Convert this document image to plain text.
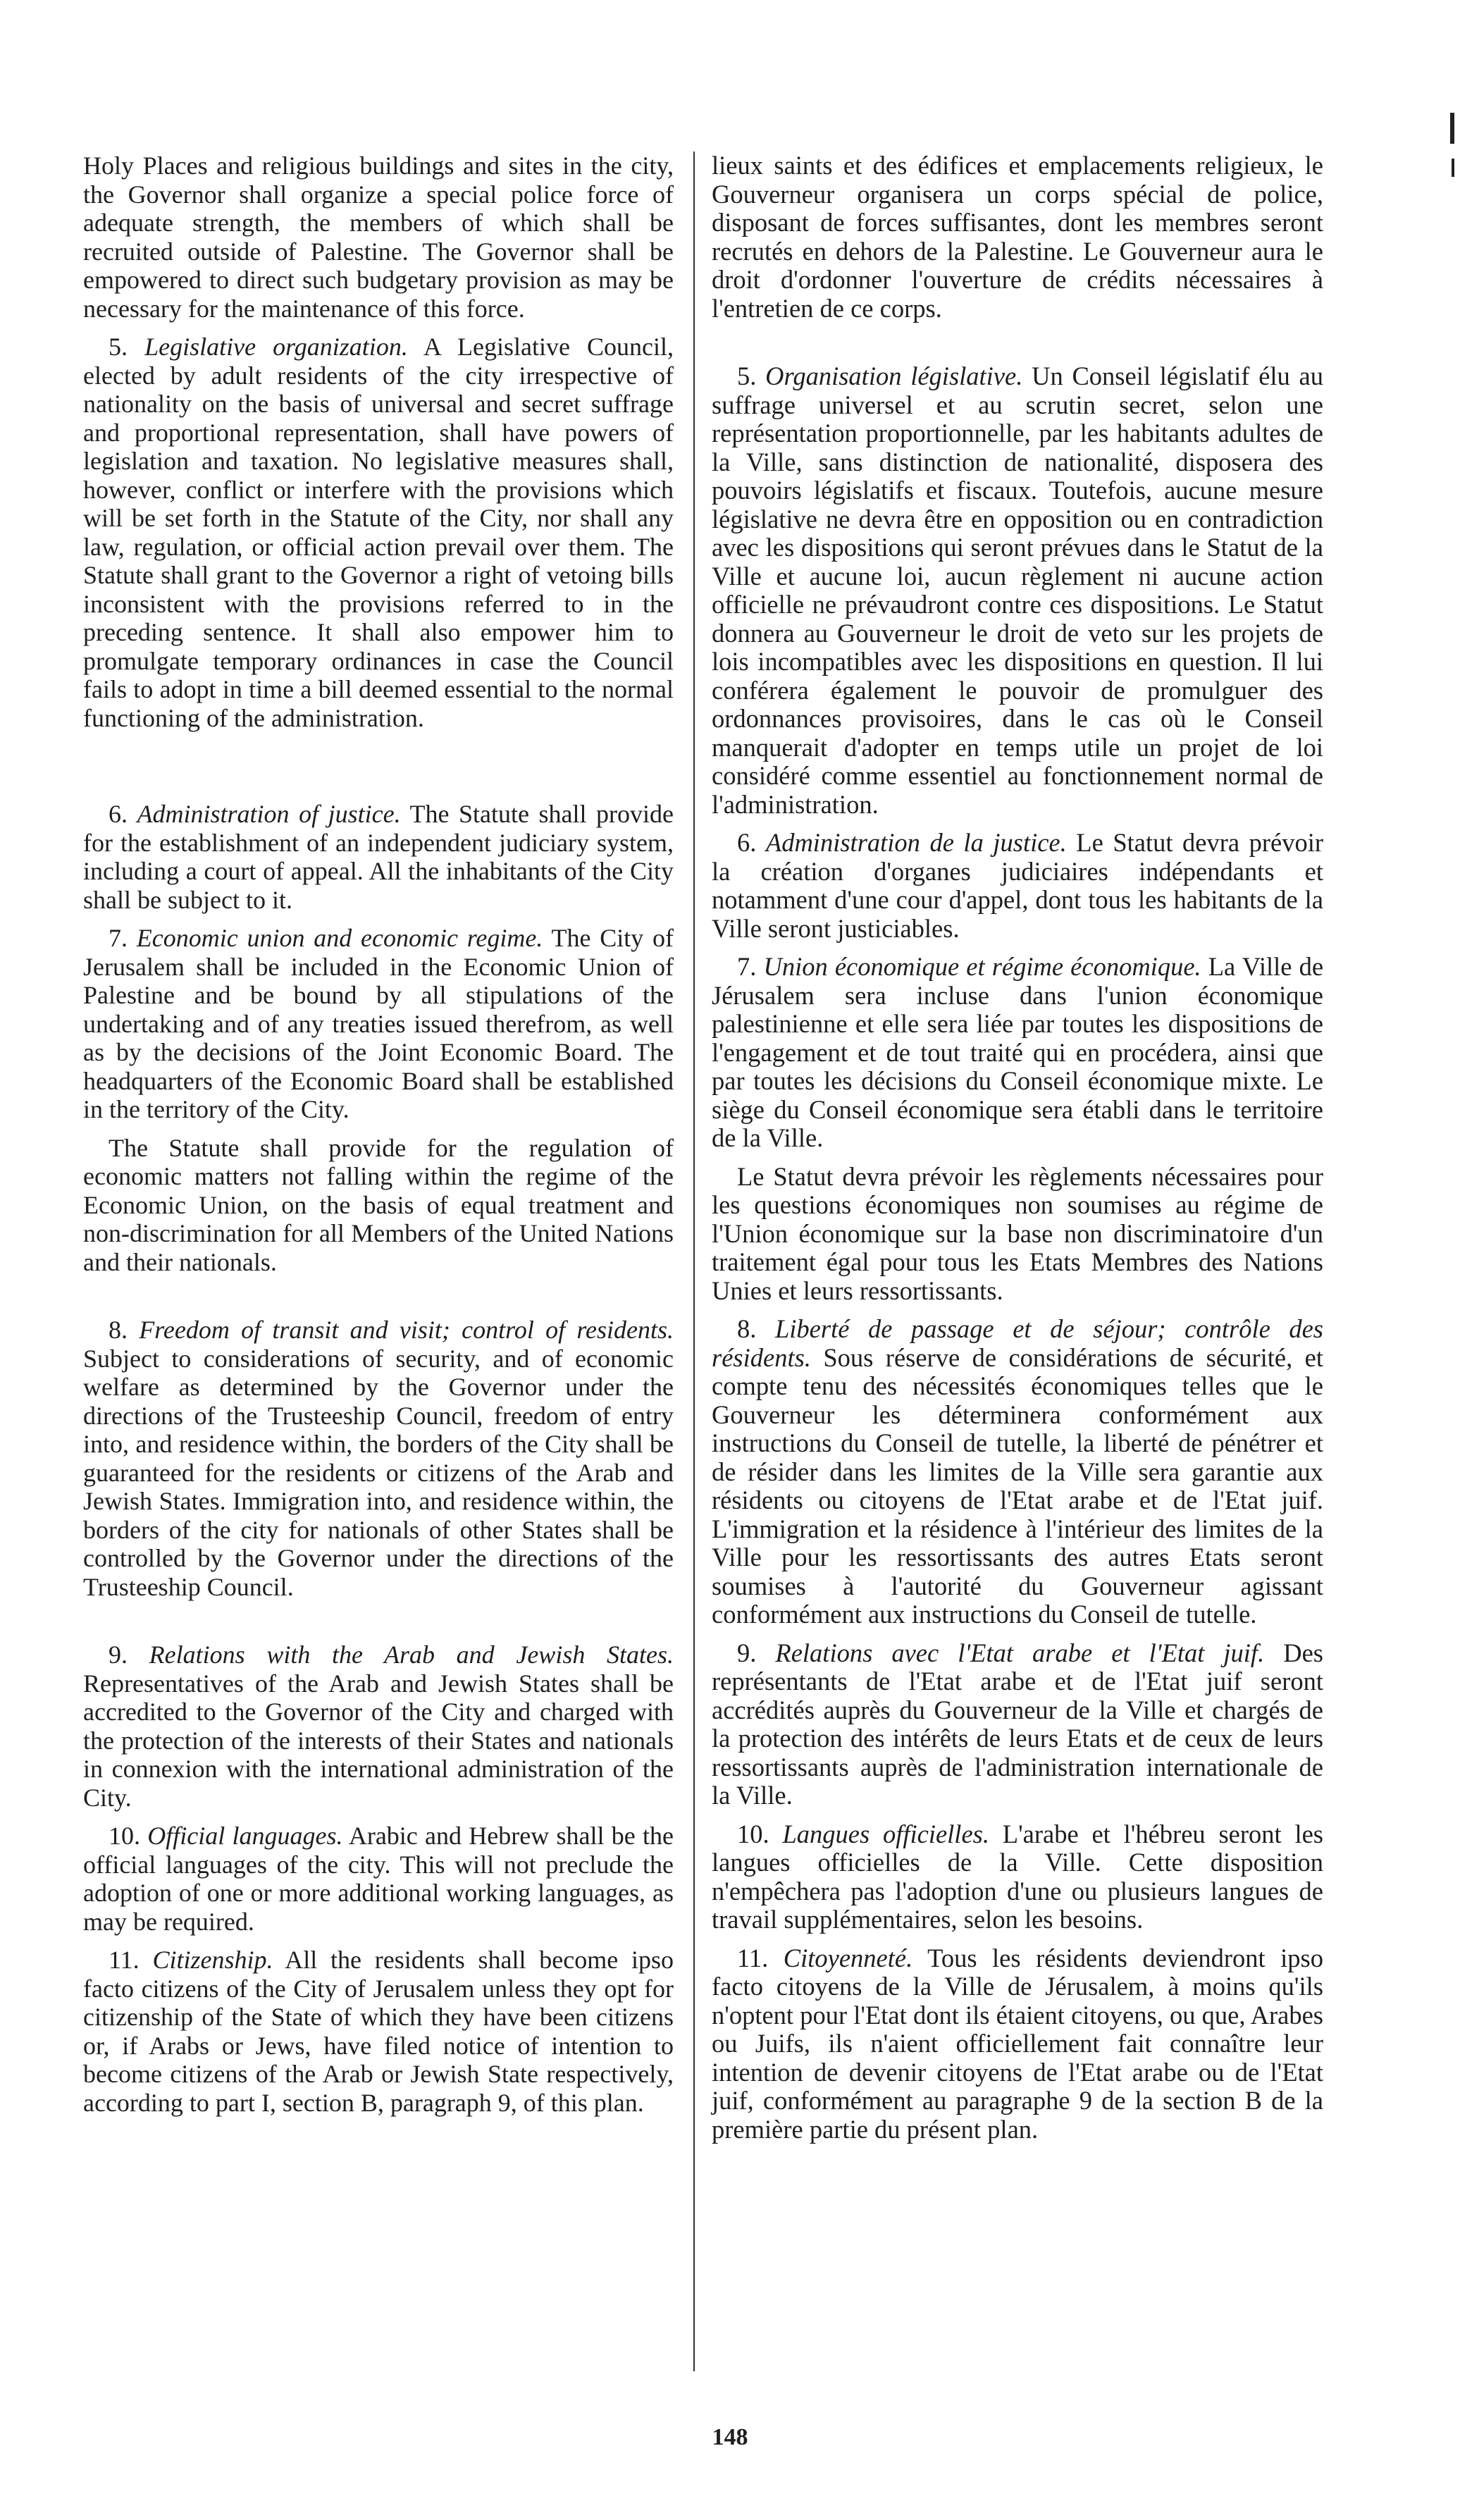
Holy Places and religious buildings and sites in the city, the Governor shall organize a special police force of adequate strength, the members of which shall be recruited outside of Palestine. The Governor shall be empowered to direct such budgetary provision as may be necessary for the maintenance of this force.

5. Legislative organization. A Legislative Council, elected by adult residents of the city irrespective of nationality on the basis of universal and secret suffrage and proportional representation, shall have powers of legislation and taxation. No legislative measures shall, however, conflict or interfere with the provisions which will be set forth in the Statute of the City, nor shall any law, regulation, or official action prevail over them. The Statute shall grant to the Governor a right of vetoing bills inconsistent with the provisions referred to in the preceding sentence. It shall also empower him to promulgate temporary ordinances in case the Council fails to adopt in time a bill deemed essential to the normal functioning of the administration.

6. Administration of justice. The Statute shall provide for the establishment of an independent judiciary system, including a court of appeal. All the inhabitants of the City shall be subject to it.

7. Economic union and economic regime. The City of Jerusalem shall be included in the Economic Union of Palestine and be bound by all stipulations of the undertaking and of any treaties issued therefrom, as well as by the decisions of the Joint Economic Board. The headquarters of the Economic Board shall be established in the territory of the City.

The Statute shall provide for the regulation of economic matters not falling within the regime of the Economic Union, on the basis of equal treatment and non-discrimination for all Members of the United Nations and their nationals.

8. Freedom of transit and visit; control of residents. Subject to considerations of security, and of economic welfare as determined by the Governor under the directions of the Trusteeship Council, freedom of entry into, and residence within, the borders of the City shall be guaranteed for the residents or citizens of the Arab and Jewish States. Immigration into, and residence within, the borders of the city for nationals of other States shall be controlled by the Governor under the directions of the Trusteeship Council.

9. Relations with the Arab and Jewish States. Representatives of the Arab and Jewish States shall be accredited to the Governor of the City and charged with the protection of the interests of their States and nationals in connexion with the international administration of the City.

10. Official languages. Arabic and Hebrew shall be the official languages of the city. This will not preclude the adoption of one or more additional working languages, as may be required.

11. Citizenship. All the residents shall become ipso facto citizens of the City of Jerusalem unless they opt for citizenship of the State of which they have been citizens or, if Arabs or Jews, have filed notice of intention to become citizens of the Arab or Jewish State respectively, according to part I, section B, paragraph 9, of this plan.

lieux saints et des édifices et emplacements religieux, le Gouverneur organisera un corps spécial de police, disposant de forces suffisantes, dont les membres seront recrutés en dehors de la Palestine. Le Gouverneur aura le droit d'ordonner l'ouverture de crédits nécessaires à l'entretien de ce corps.

5. Organisation législative. Un Conseil législatif élu au suffrage universel et au scrutin secret, selon une représentation proportionnelle, par les habitants adultes de la Ville, sans distinction de nationalité, disposera des pouvoirs législatifs et fiscaux. Toutefois, aucune mesure législative ne devra être en opposition ou en contradiction avec les dispositions qui seront prévues dans le Statut de la Ville et aucune loi, aucun règlement ni aucune action officielle ne prévaudront contre ces dispositions. Le Statut donnera au Gouverneur le droit de veto sur les projets de lois incompatibles avec les dispositions en question. Il lui conférera également le pouvoir de promulguer des ordonnances provisoires, dans le cas où le Conseil manquerait d'adopter en temps utile un projet de loi considéré comme essentiel au fonctionnement normal de l'administration.

6. Administration de la justice. Le Statut devra prévoir la création d'organes judiciaires indépendants et notamment d'une cour d'appel, dont tous les habitants de la Ville seront justiciables.

7. Union économique et régime économique. La Ville de Jérusalem sera incluse dans l'union économique palestinienne et elle sera liée par toutes les dispositions de l'engagement et de tout traité qui en procédera, ainsi que par toutes les décisions du Conseil économique mixte. Le siège du Conseil économique sera établi dans le territoire de la Ville.

Le Statut devra prévoir les règlements nécessaires pour les questions économiques non soumises au régime de l'Union économique sur la base non discriminatoire d'un traitement égal pour tous les Etats Membres des Nations Unies et leurs ressortissants.

8. Liberté de passage et de séjour; contrôle des résidents. Sous réserve de considérations de sécurité, et compte tenu des nécessités économiques telles que le Gouverneur les déterminera conformément aux instructions du Conseil de tutelle, la liberté de pénétrer et de résider dans les limites de la Ville sera garantie aux résidents ou citoyens de l'Etat arabe et de l'Etat juif. L'immigration et la résidence à l'intérieur des limites de la Ville pour les ressortissants des autres Etats seront soumises à l'autorité du Gouverneur agissant conformément aux instructions du Conseil de tutelle.

9. Relations avec l'Etat arabe et l'Etat juif. Des représentants de l'Etat arabe et de l'Etat juif seront accrédités auprès du Gouverneur de la Ville et chargés de la protection des intérêts de leurs Etats et de ceux de leurs ressortissants auprès de l'administration internationale de la Ville.

10. Langues officielles. L'arabe et l'hébreu seront les langues officielles de la Ville. Cette disposition n'empêchera pas l'adoption d'une ou plusieurs langues de travail supplémentaires, selon les besoins.

11. Citoyenneté. Tous les résidents deviendront ipso facto citoyens de la Ville de Jérusalem, à moins qu'ils n'optent pour l'Etat dont ils étaient citoyens, ou que, Arabes ou Juifs, ils n'aient officiellement fait connaître leur intention de devenir citoyens de l'Etat arabe ou de l'Etat juif, conformément au paragraphe 9 de la section B de la première partie du présent plan.

148
